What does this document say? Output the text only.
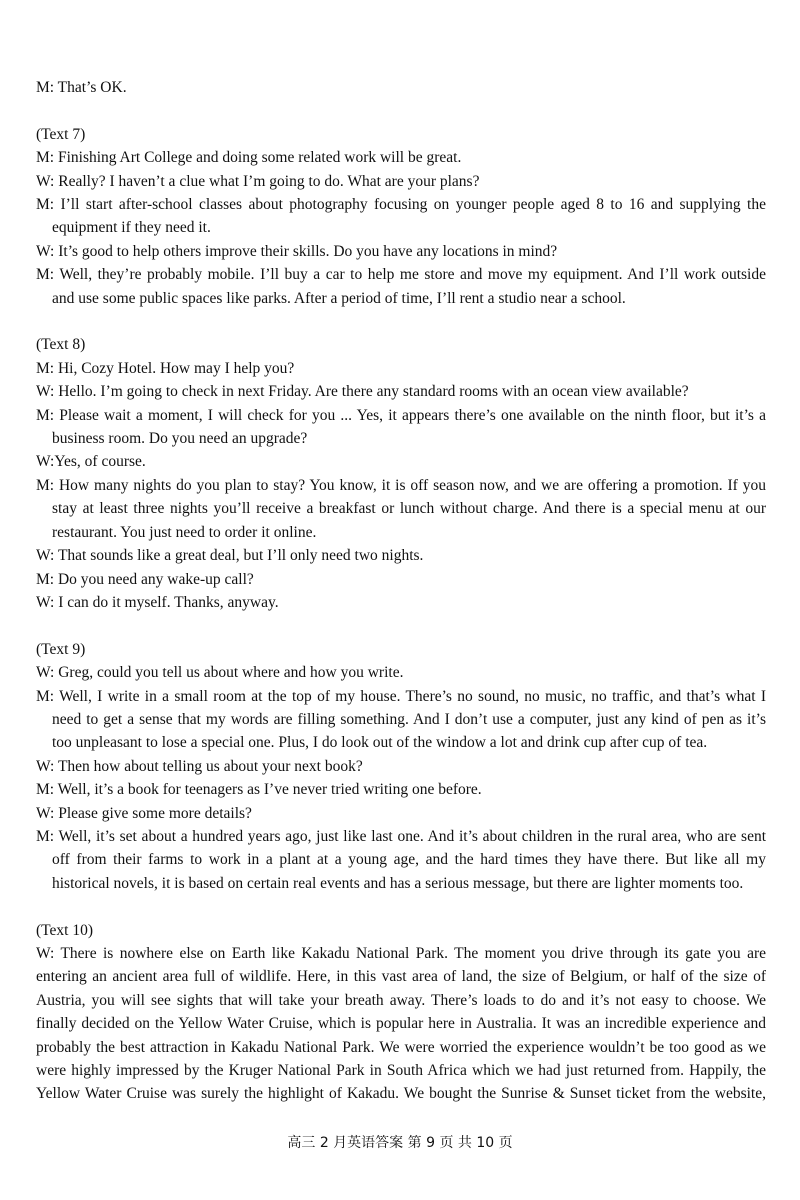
M: That’s OK.
(Text 7)
M: Finishing Art College and doing some related work will be great.
W: Really? I haven’t a clue what I’m going to do. What are your plans?
M: I’ll start after-school classes about photography focusing on younger people aged 8 to 16 and supplying the
equipment if they need it.
W: It’s good to help others improve their skills. Do you have any locations in mind?
M: Well, they’re probably mobile. I’ll buy a car to help me store and move my equipment. And I’ll work outside
and use some public spaces like parks. After a period of time, I’ll rent a studio near a school.
(Text 8)
M: Hi, Cozy Hotel. How may I help you?
W: Hello. I’m going to check in next Friday. Are there any standard rooms with an ocean view available?
M: Please wait a moment, I will check for you ... Yes, it appears there’s one available on the ninth floor, but it’s a
business room. Do you need an upgrade?
W:Yes, of course.
M: How many nights do you plan to stay? You know, it is off season now, and we are offering a promotion. If you
stay at least three nights you’ll receive a breakfast or lunch without charge. And there is a special menu at our
restaurant. You just need to order it online.
W: That sounds like a great deal, but I’ll only need two nights.
M: Do you need any wake-up call?
W: I can do it myself. Thanks, anyway.
(Text 9)
W: Greg, could you tell us about where and how you write.
M: Well, I write in a small room at the top of my house. There’s no sound, no music, no traffic, and that’s what I
need to get a sense that my words are filling something. And I don’t use a computer, just any kind of pen as it’s
too unpleasant to lose a special one. Plus, I do look out of the window a lot and drink cup after cup of tea.
W: Then how about telling us about your next book?
M: Well, it’s a book for teenagers as I’ve never tried writing one before.
W: Please give some more details?
M: Well, it’s set about a hundred years ago, just like last one. And it’s about children in the rural area, who are sent
off from their farms to work in a plant at a young age, and the hard times they have there. But like all my
historical novels, it is based on certain real events and has a serious message, but there are lighter moments too.
(Text 10)
W: There is nowhere else on Earth like Kakadu National Park. The moment you drive through its gate you are
entering an ancient area full of wildlife. Here, in this vast area of land, the size of Belgium, or half of the size of
Austria, you will see sights that will take your breath away. There’s loads to do and it’s not easy to choose. We
finally decided on the Yellow Water Cruise, which is popular here in Australia. It was an incredible experience and
probably the best attraction in Kakadu National Park. We were worried the experience wouldn’t be too good as we
were highly impressed by the Kruger National Park in South Africa which we had just returned from. Happily, the
Yellow Water Cruise was surely the highlight of Kakadu. We bought the Sunrise & Sunset ticket from the website,
高三 2 月英语答案 第 9 页 共 10 页
